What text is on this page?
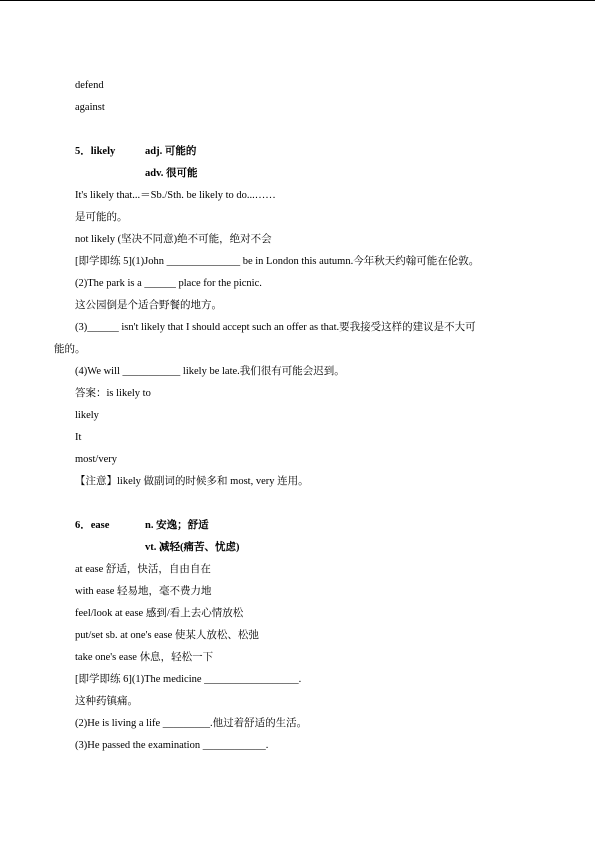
defend
against
5．likely	adj. 可能的
adv. 很可能
It's likely that...＝Sb./Sth. be likely to do...……
是可能的。
not likely (坚决不同意)绝不可能，绝对不会
[即学即练 5](1)John ______________ be in London this autumn.今年秋天约翰可能在伦敦。
(2)The park is a ______ place for the picnic.
这公园倒是个适合野餐的地方。
(3)______ isn't likely that I should accept such an offer as that.要我接受这样的建议是不大可
能的。
(4)We will ___________ likely be late.我们很有可能会迟到。
答案：is likely to
likely
It
most/very
【注意】likely 做副词的时候多和 most, very 连用。
6．ease	n. 安逸；舒适
vt. 减轻(痛苦、忧虑)
at ease 舒适，快活，自由自在
with ease 轻易地，毫不费力地
feel/look at ease 感到/看上去心情放松
put/set sb. at one's ease 使某人放松、松弛
take one's ease 休息，轻松一下
[即学即练 6](1)The medicine __________________.
这种药镇痛。
(2)He is living a life _________.他过着舒适的生活。
(3)He passed the examination ____________.
